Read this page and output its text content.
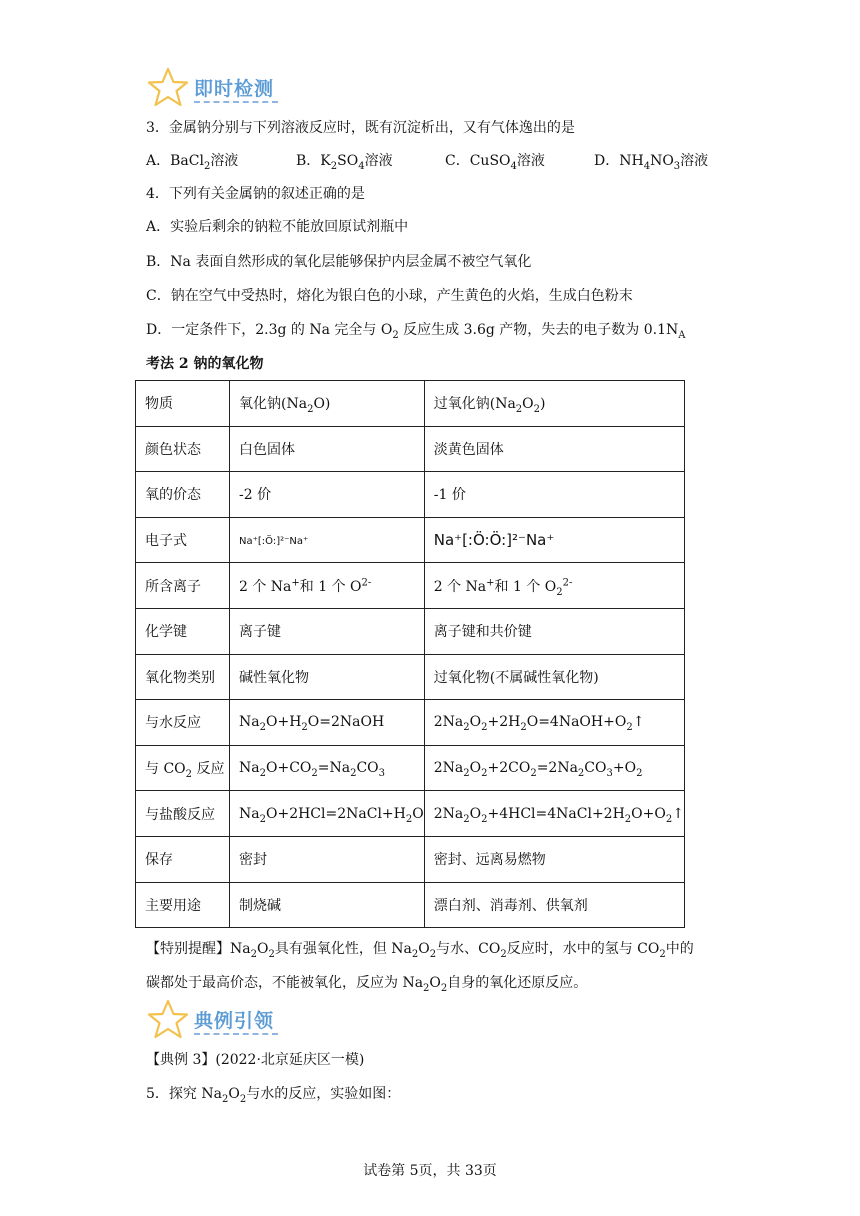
即时检测
3．金属钠分别与下列溶液反应时，既有沉淀析出，又有气体逸出的是
A．BaCl$_2$溶液	B．$K_2SO_4$溶液	C．CuSO$_4$溶液	D．$NH_4NO_3$溶液
4．下列有关金属钠的叙述正确的是
A．实验后剩余的钠粒不能放回原试剂瓶中
B．Na 表面自然形成的氧化层能够保护内层金属不被空气氧化
C．钠在空气中受热时，熔化为银白色的小球，产生黄色的火焰，生成白色粉末
D．一定条件下，2.3g 的 Na 完全与 $O_2$ 反应生成 3.6g 产物，失去的电子数为 $0.1N_A$
考法 2 钠的氧化物
物质	氧化钠$(Na_2O)$	过氧化钠$(Na_2O_2)$
颜色状态	白色固体	淡黄色固体
氧的价态	-2 价	-1 价
电子式	Na⁺[:Ö:]²⁻Na⁺	Na⁺[:Ö:Ö:]²⁻Na⁺
所含离子	2 个 Na+和 1 个 $O^{2-}$	2 个 Na+和 1 个 $O_2^{2-}$
化学键	离子键	离子键和共价键
氧化物类别	碱性氧化物	过氧化物(不属碱性氧化物)
与水反应	$Na_2O+H_2O=2NaOH$	$2Na_2O_2+2H_2O=4NaOH+O_2↑$
与 $CO_2$ 反应	$Na_2O+CO_2=Na_2CO_3$	$2Na_2O_2+2CO_2=2Na_2CO_3+O_2$
与盐酸反应	$Na_2O+2HCl=2NaCl+H_2O$	$2Na_2O_2+4HCl=4NaCl+2H_2O+O_2↑$
保存	密封	密封、远离易燃物
主要用途	制烧碱	漂白剂、消毒剂、供氧剂
【特别提醒】$Na_2O_2$具有强氧化性，但 $Na_2O_2$与水、$CO_2$反应时，水中的氢与 $CO_2$中的
碳都处于最高价态，不能被氧化，反应为 $Na_2O_2$自身的氧化还原反应。
典例引领
【典例 3】(2022·北京延庆区一模)
5．探究 $Na_2O_2$与水的反应，实验如图：
试卷第 5页，共 33页
